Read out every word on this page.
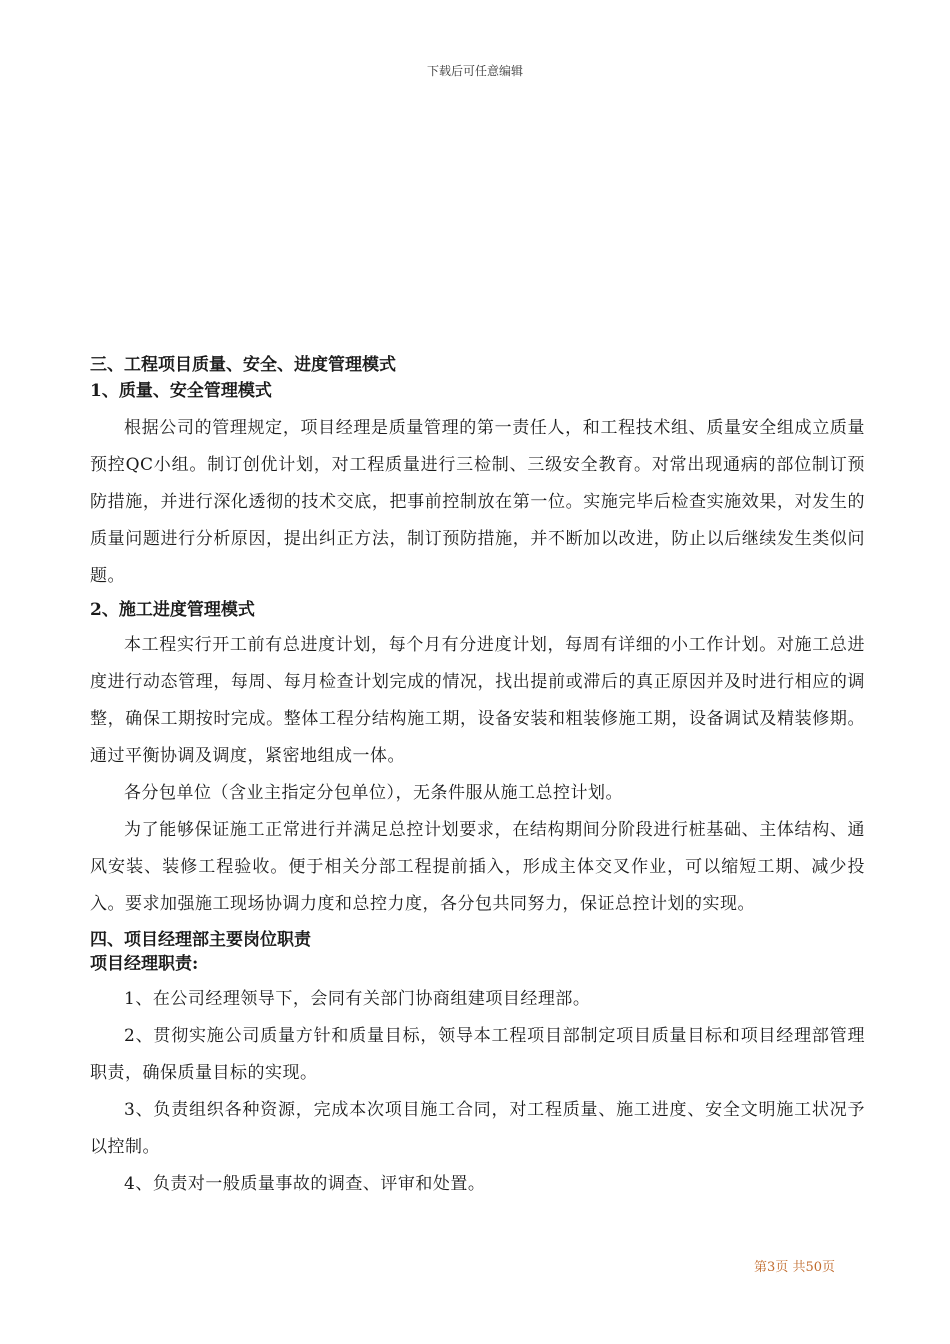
下载后可任意编辑
三、工程项目质量、安全、进度管理模式
1、质量、安全管理模式

根据公司的管理规定，项目经理是质量管理的第一责任人，和工程技术组、质量安全组成立质量预控QC小组。制订创优计划，对工程质量进行三检制、三级安全教育。对常出现通病的部位制订预防措施，并进行深化透彻的技术交底，把事前控制放在第一位。实施完毕后检查实施效果，对发生的质量问题进行分析原因，提出纠正方法，制订预防措施，并不断加以改进，防止以后继续发生类似问题。

2、施工进度管理模式

本工程实行开工前有总进度计划，每个月有分进度计划，每周有详细的小工作计划。对施工总进度进行动态管理，每周、每月检查计划完成的情况，找出提前或滞后的真正原因并及时进行相应的调整，确保工期按时完成。整体工程分结构施工期，设备安装和粗装修施工期，设备调试及精装修期。通过平衡协调及调度，紧密地组成一体。

各分包单位（含业主指定分包单位），无条件服从施工总控计划。

为了能够保证施工正常进行并满足总控计划要求，在结构期间分阶段进行桩基础、主体结构、通风安装、装修工程验收。便于相关分部工程提前插入，形成主体交叉作业，可以缩短工期、减少投入。要求加强施工现场协调力度和总控力度，各分包共同努力，保证总控计划的实现。

四、项目经理部主要岗位职责
项目经理职责:

1、在公司经理领导下，会同有关部门协商组建项目经理部。

2、贯彻实施公司质量方针和质量目标，领导本工程项目部制定项目质量目标和项目经理部管理职责，确保质量目标的实现。

3、负责组织各种资源，完成本次项目施工合同，对工程质量、施工进度、安全文明施工状况予以控制。

4、负责对一般质量事故的调查、评审和处置。

第3页 共50页
